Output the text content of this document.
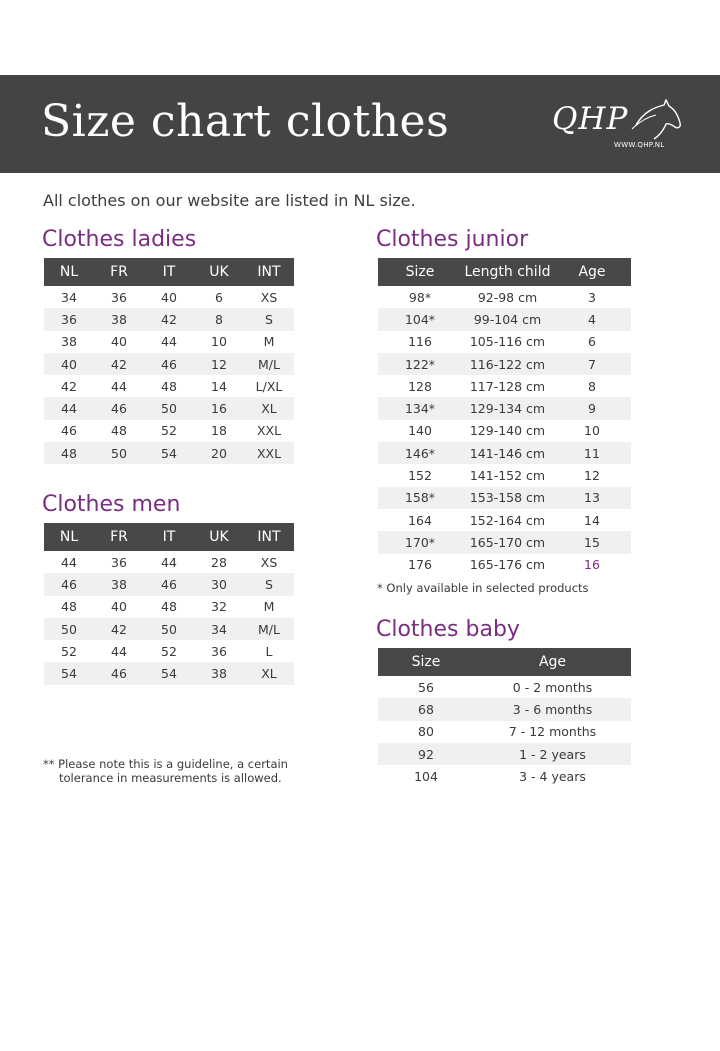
Size chart clothes	QHP
WWW.QHP.NL
All clothes on our website are listed in NL size.
Clothes ladies
NL	FR	IT	UK	INT
34	36	40	6	XS
36	38	42	8	S
38	40	44	10	M
40	42	46	12	M/L
42	44	48	14	L/XL
44	46	50	16	XL
46	48	52	18	XXL
48	50	54	20	XXL
Clothes men
NL	FR	IT	UK	INT
44	36	44	28	XS
46	38	46	30	S
48	40	48	32	M
50	42	50	34	M/L
52	44	52	36	L
54	46	54	38	XL
Clothes junior
Size	Length child	Age
98*	92-98 cm	3
104*	99-104 cm	4
116	105-116 cm	6
122*	116-122 cm	7
128	117-128 cm	8
134*	129-134 cm	9
140	129-140 cm	10
146*	141-146 cm	11
152	141-152 cm	12
158*	153-158 cm	13
164	152-164 cm	14
170*	165-170 cm	15
176	165-176 cm	16
* Only available in selected products
Clothes baby
Size	Age
56	0 - 2 months
68	3 - 6 months
80	7 - 12 months
92	1 - 2 years
104	3 - 4 years
** Please note this is a guideline, a certain
tolerance in measurements is allowed.
